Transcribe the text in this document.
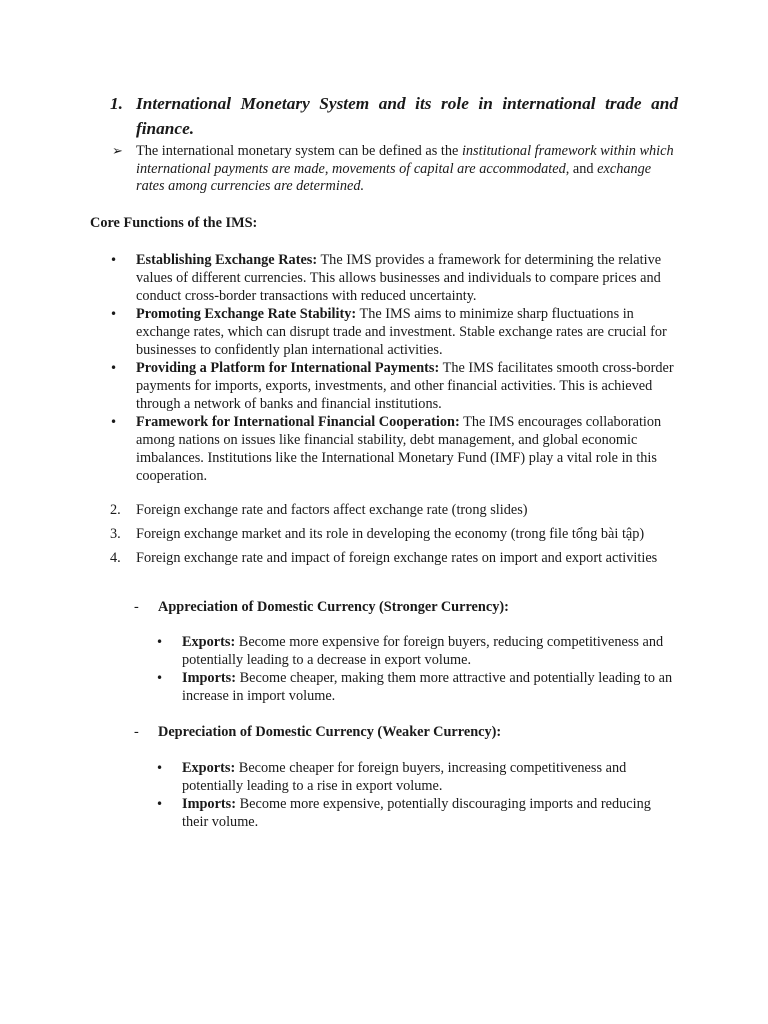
1. International Monetary System and its role in international trade and finance.
➢ The international monetary system can be defined as the institutional framework within which international payments are made, movements of capital are accommodated, and exchange rates among currencies are determined.
Core Functions of the IMS:
• Establishing Exchange Rates: The IMS provides a framework for determining the relative values of different currencies. This allows businesses and individuals to compare prices and conduct cross-border transactions with reduced uncertainty.
• Promoting Exchange Rate Stability: The IMS aims to minimize sharp fluctuations in exchange rates, which can disrupt trade and investment. Stable exchange rates are crucial for businesses to confidently plan international activities.
• Providing a Platform for International Payments: The IMS facilitates smooth cross-border payments for imports, exports, investments, and other financial activities. This is achieved through a network of banks and financial institutions.
• Framework for International Financial Cooperation: The IMS encourages collaboration among nations on issues like financial stability, debt management, and global economic imbalances. Institutions like the International Monetary Fund (IMF) play a vital role in this cooperation.
2. Foreign exchange rate and factors affect exchange rate (trong slides)
3. Foreign exchange market and its role in developing the economy (trong file tổng bài tập)
4. Foreign exchange rate and impact of foreign exchange rates on import and export activities
-	Appreciation of Domestic Currency (Stronger Currency):
• Exports: Become more expensive for foreign buyers, reducing competitiveness and potentially leading to a decrease in export volume.
• Imports: Become cheaper, making them more attractive and potentially leading to an increase in import volume.
-	Depreciation of Domestic Currency (Weaker Currency):
• Exports: Become cheaper for foreign buyers, increasing competitiveness and potentially leading to a rise in export volume.
• Imports: Become more expensive, potentially discouraging imports and reducing their volume.
